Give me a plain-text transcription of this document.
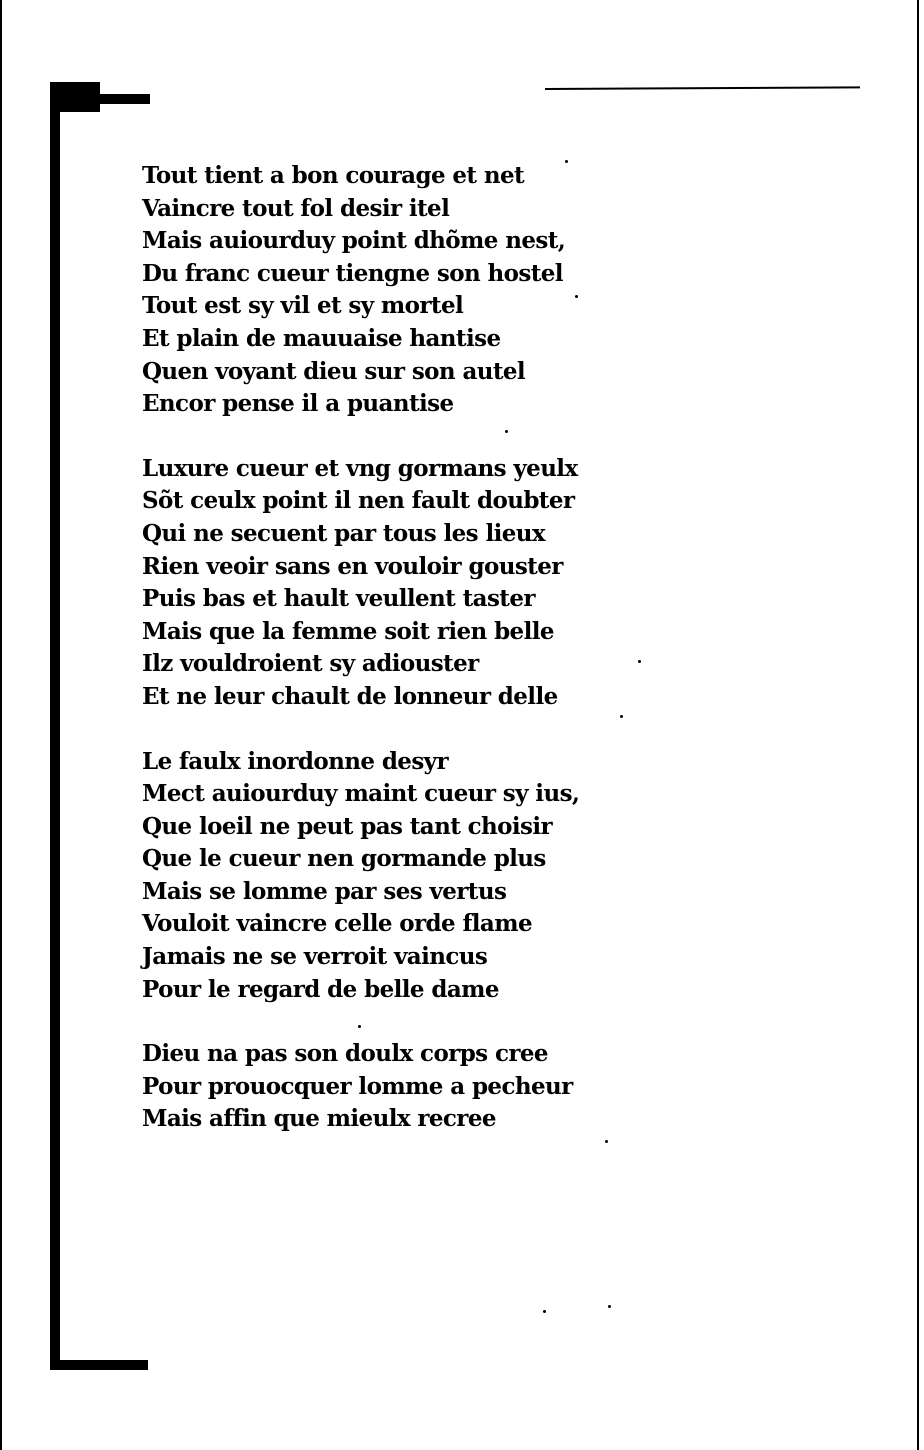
Tout tient a bon courage et net
Vaincre tout fol desir itel
Mais auiourduy point dhõme nest,
Du franc cueur tiengne son hostel
Tout est sy vil et sy mortel
Et plain de mauuaise hantise
Quen voyant dieu sur son autel
Encor pense il a puantise
Luxure cueur et vng gormans yeulx
Sõt ceulx point il nen fault doubter
Qui ne secuent par tous les lieux
Rien veoir sans en vouloir gouster
Puis bas et hault veullent taster
Mais que la femme soit rien belle
Ilz vouldroient sy adiouster
Et ne leur chault de lonneur delle
Le faulx inordonne desyr
Mect auiourduy maint cueur sy ius,
Que loeil ne peut pas tant choisir
Que le cueur nen gormande plus
Mais se lomme par ses vertus
Vouloit vaincre celle orde flame
Jamais ne se verroit vaincus
Pour le regard de belle dame
Dieu na pas son doulx corps cree
Pour prouocquer lomme a pecheur
Mais affin que mieulx recree
